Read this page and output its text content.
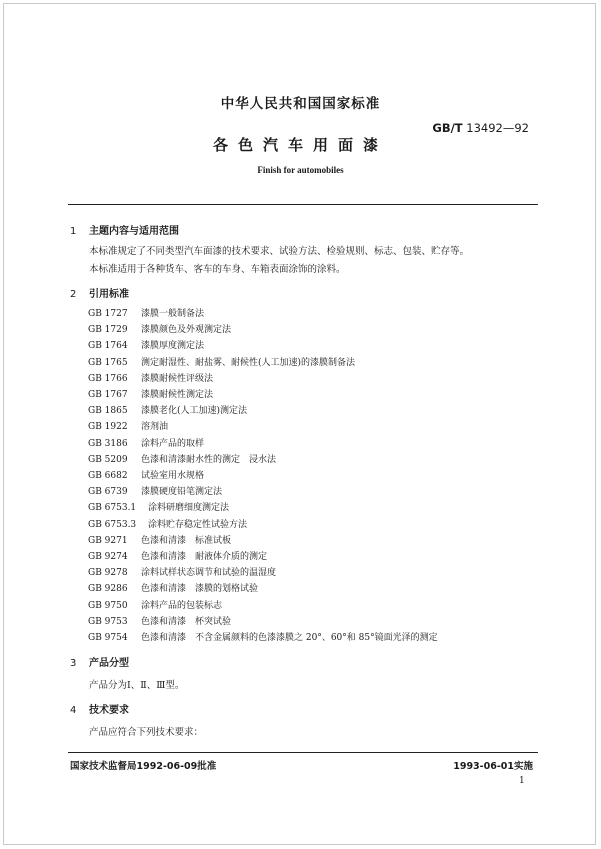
中华人民共和国国家标准
GB/T 13492—92
各色汽车用面漆
Finish for automobiles
1 主题内容与适用范围
本标准规定了不同类型汽车面漆的技术要求、试验方法、检验规则、标志、包装、贮存等。
本标准适用于各种货车、客车的车身、车箱表面涂饰的涂料。
2 引用标准
GB 1727 漆膜一般制备法
GB 1729 漆膜颜色及外观测定法
GB 1764 漆膜厚度测定法
GB 1765 测定耐湿性、耐盐雾、耐候性(人工加速)的漆膜制备法
GB 1766 漆膜耐候性评级法
GB 1767 漆膜耐候性测定法
GB 1865 漆膜老化(人工加速)测定法
GB 1922 溶剂油
GB 3186 涂料产品的取样
GB 5209 色漆和清漆耐水性的测定　浸水法
GB 6682 试验室用水规格
GB 6739 漆膜硬度铅笔测定法
GB 6753.1 涂料研磨细度测定法
GB 6753.3 涂料贮存稳定性试验方法
GB 9271 色漆和清漆　标准试板
GB 9274 色漆和清漆　耐液体介质的测定
GB 9278 涂料试样状态调节和试验的温湿度
GB 9286 色漆和清漆　漆膜的划格试验
GB 9750 涂料产品的包装标志
GB 9753 色漆和清漆　杯突试验
GB 9754 色漆和清漆　不含金属颜料的色漆漆膜之 20°、60°和 85°镜面光泽的测定
3 产品分型
产品分为Ⅰ、Ⅱ、Ⅲ型。
4 技术要求
产品应符合下列技术要求：
国家技术监督局1992-06-09批准	1993-06-01实施
1
